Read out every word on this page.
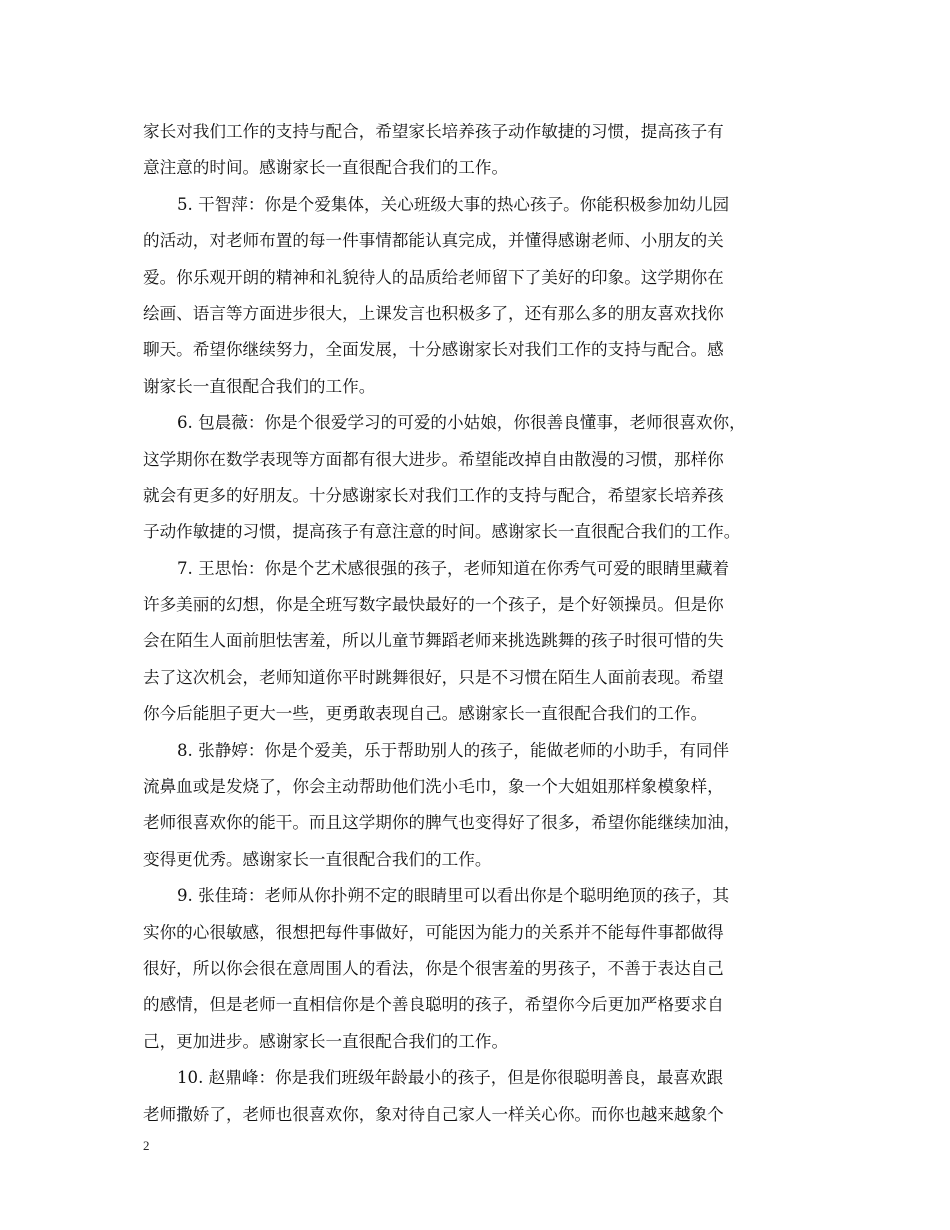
家长对我们工作的支持与配合，希望家长培养孩子动作敏捷的习惯，提高孩子有
意注意的时间。感谢家长一直很配合我们的工作。
5. 干智萍：你是个爱集体，关心班级大事的热心孩子。你能积极参加幼儿园
的活动，对老师布置的每一件事情都能认真完成，并懂得感谢老师、小朋友的关
爱。你乐观开朗的精神和礼貌待人的品质给老师留下了美好的印象。这学期你在
绘画、语言等方面进步很大，上课发言也积极多了，还有那么多的朋友喜欢找你
聊天。希望你继续努力，全面发展，十分感谢家长对我们工作的支持与配合。感
谢家长一直很配合我们的工作。
6. 包晨薇：你是个很爱学习的可爱的小姑娘，你很善良懂事，老师很喜欢你，
这学期你在数学表现等方面都有很大进步。希望能改掉自由散漫的习惯，那样你
就会有更多的好朋友。十分感谢家长对我们工作的支持与配合，希望家长培养孩
子动作敏捷的习惯，提高孩子有意注意的时间。感谢家长一直很配合我们的工作。
7. 王思怡：你是个艺术感很强的孩子，老师知道在你秀气可爱的眼睛里藏着
许多美丽的幻想，你是全班写数字最快最好的一个孩子，是个好领操员。但是你
会在陌生人面前胆怯害羞，所以儿童节舞蹈老师来挑选跳舞的孩子时很可惜的失
去了这次机会，老师知道你平时跳舞很好，只是不习惯在陌生人面前表现。希望
你今后能胆子更大一些，更勇敢表现自己。感谢家长一直很配合我们的工作。
8. 张静婷：你是个爱美，乐于帮助别人的孩子，能做老师的小助手，有同伴
流鼻血或是发烧了，你会主动帮助他们洗小毛巾，象一个大姐姐那样象模象样，
老师很喜欢你的能干。而且这学期你的脾气也变得好了很多，希望你能继续加油，
变得更优秀。感谢家长一直很配合我们的工作。
9. 张佳琦：老师从你扑朔不定的眼睛里可以看出你是个聪明绝顶的孩子，其
实你的心很敏感，很想把每件事做好，可能因为能力的关系并不能每件事都做得
很好，所以你会很在意周围人的看法，你是个很害羞的男孩子，不善于表达自己
的感情，但是老师一直相信你是个善良聪明的孩子，希望你今后更加严格要求自
己，更加进步。感谢家长一直很配合我们的工作。
10. 赵鼎峰：你是我们班级年龄最小的孩子，但是你很聪明善良，最喜欢跟
老师撒娇了，老师也很喜欢你，象对待自己家人一样关心你。而你也越来越象个
2
